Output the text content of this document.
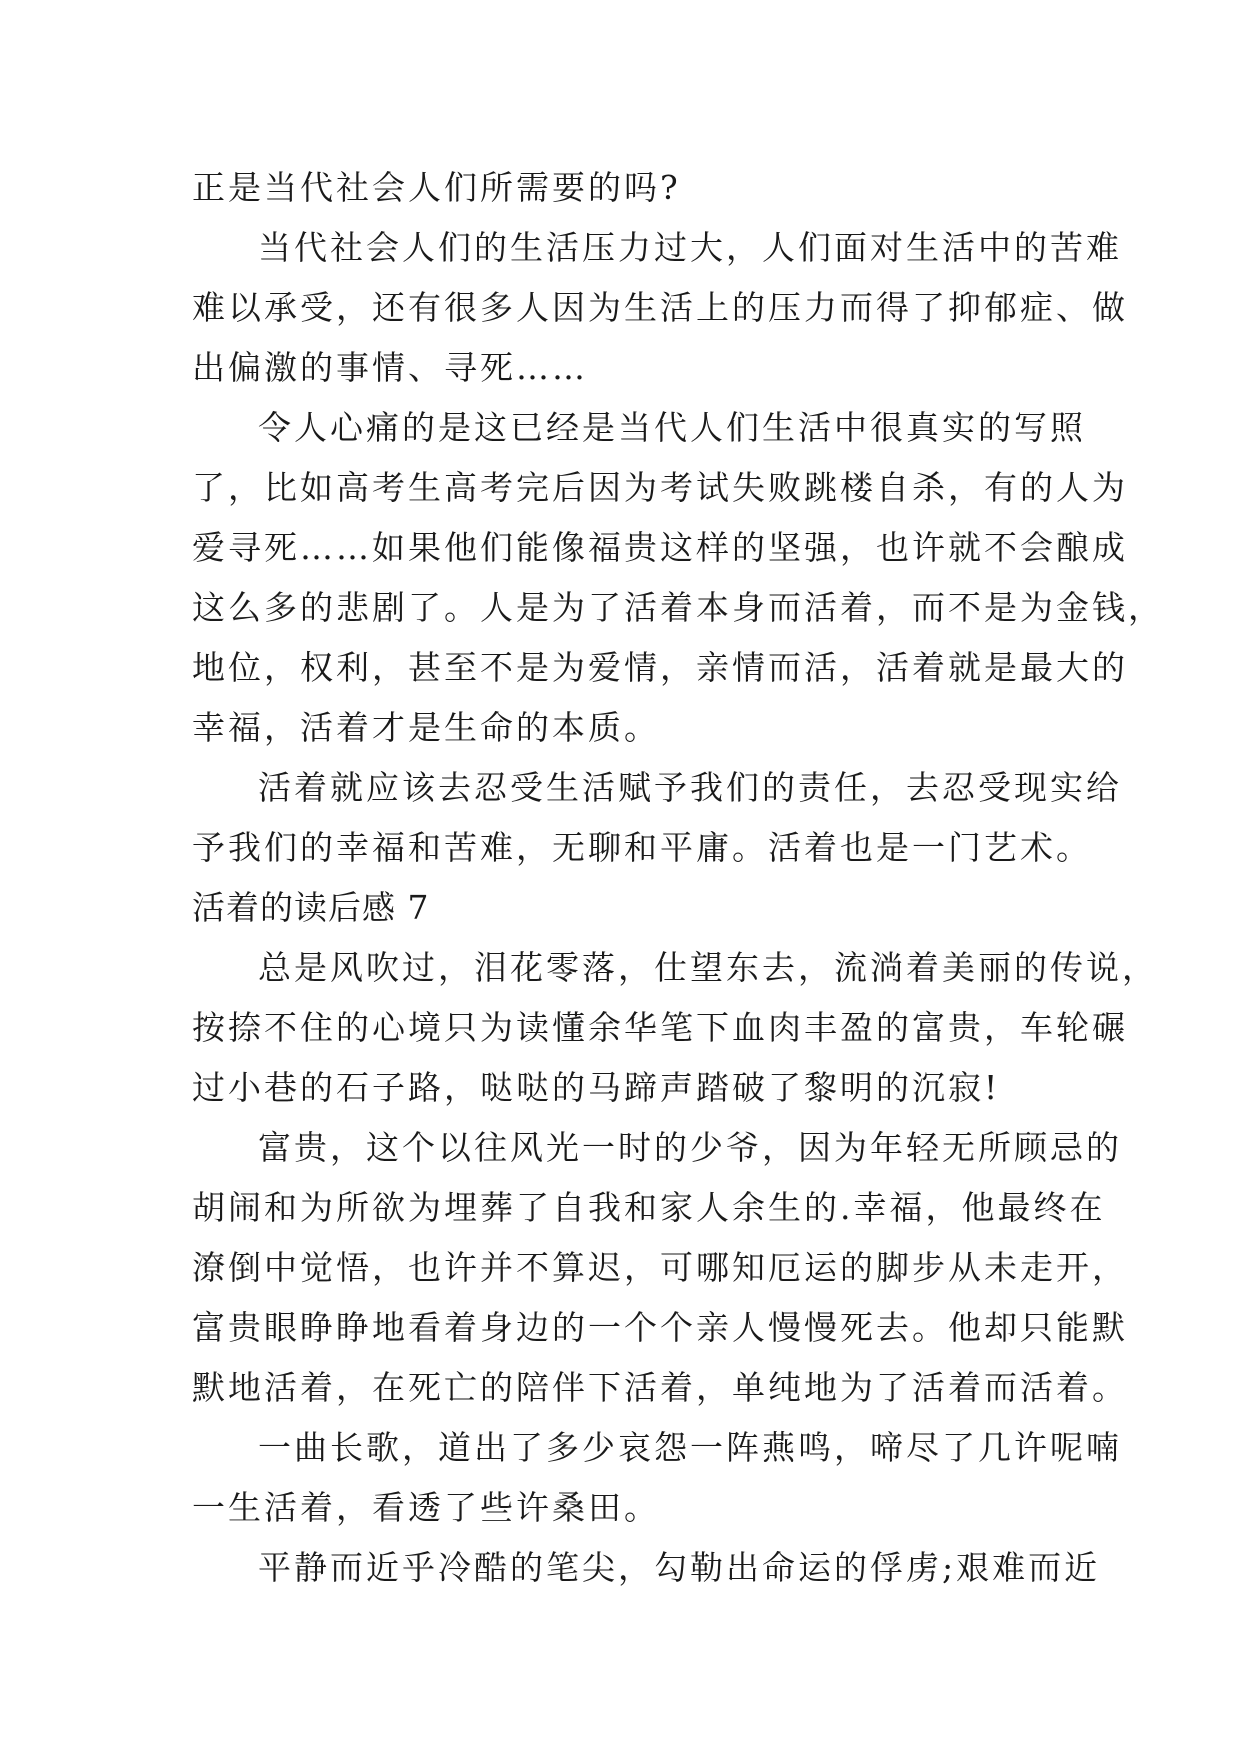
正是当代社会人们所需要的吗?
当代社会人们的生活压力过大，人们面对生活中的苦难
难以承受，还有很多人因为生活上的压力而得了抑郁症、做
出偏激的事情、寻死……
令人心痛的是这已经是当代人们生活中很真实的写照
了，比如高考生高考完后因为考试失败跳楼自杀，有的人为
爱寻死……如果他们能像福贵这样的坚强，也许就不会酿成
这么多的悲剧了。人是为了活着本身而活着，而不是为金钱，
地位，权利，甚至不是为爱情，亲情而活，活着就是最大的
幸福，活着才是生命的本质。
活着就应该去忍受生活赋予我们的责任，去忍受现实给
予我们的幸福和苦难，无聊和平庸。活着也是一门艺术。
活着的读后感 7
总是风吹过，泪花零落，仕望东去，流淌着美丽的传说，
按捺不住的心境只为读懂余华笔下血肉丰盈的富贵，车轮碾
过小巷的石子路，哒哒的马蹄声踏破了黎明的沉寂!
富贵，这个以往风光一时的少爷，因为年轻无所顾忌的
胡闹和为所欲为埋葬了自我和家人余生的.幸福，他最终在
潦倒中觉悟，也许并不算迟，可哪知厄运的脚步从未走开，
富贵眼睁睁地看着身边的一个个亲人慢慢死去。他却只能默
默地活着，在死亡的陪伴下活着，单纯地为了活着而活着。
一曲长歌，道出了多少哀怨一阵燕鸣，啼尽了几许呢喃
一生活着，看透了些许桑田。
平静而近乎冷酷的笔尖，勾勒出命运的俘虏;艰难而近
